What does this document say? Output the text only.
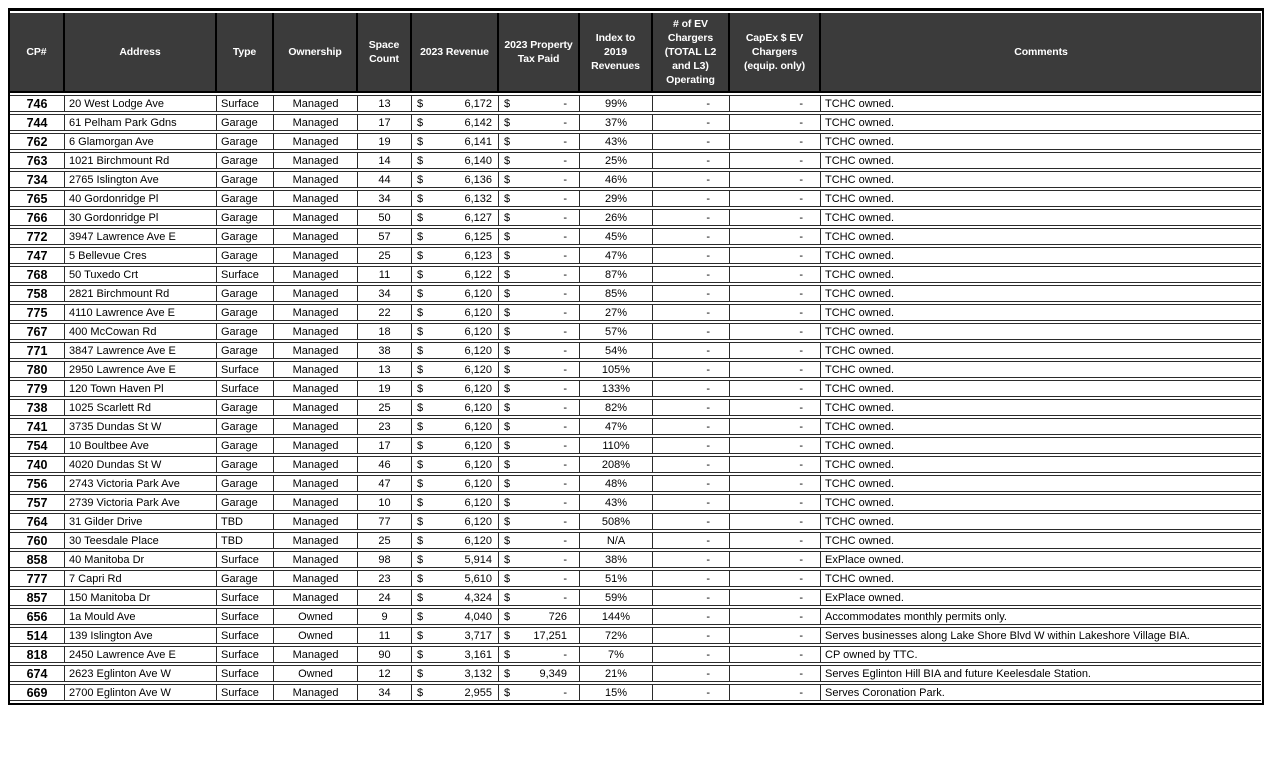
CP#	Address	Type	Ownership	Space Count	2023 Revenue	2023 Property Tax Paid	Index to 2019 Revenues	# of EV Chargers (TOTAL L2 and L3) Operating	CapEx $ EV Chargers (equip. only)	Comments
746	20 West Lodge Ave	Surface	Managed	13	$ 6,172	$ -	99%	-	-	TCHC owned.
744	61 Pelham Park Gdns	Garage	Managed	17	$ 6,142	$ -	37%	-	-	TCHC owned.
762	6 Glamorgan Ave	Garage	Managed	19	$ 6,141	$ -	43%	-	-	TCHC owned.
763	1021 Birchmount Rd	Garage	Managed	14	$ 6,140	$ -	25%	-	-	TCHC owned.
734	2765 Islington Ave	Garage	Managed	44	$ 6,136	$ -	46%	-	-	TCHC owned.
765	40 Gordonridge Pl	Garage	Managed	34	$ 6,132	$ -	29%	-	-	TCHC owned.
766	30 Gordonridge Pl	Garage	Managed	50	$ 6,127	$ -	26%	-	-	TCHC owned.
772	3947 Lawrence Ave E	Garage	Managed	57	$ 6,125	$ -	45%	-	-	TCHC owned.
747	5 Bellevue Cres	Garage	Managed	25	$ 6,123	$ -	47%	-	-	TCHC owned.
768	50 Tuxedo Crt	Surface	Managed	11	$ 6,122	$ -	87%	-	-	TCHC owned.
758	2821 Birchmount Rd	Garage	Managed	34	$ 6,120	$ -	85%	-	-	TCHC owned.
775	4110 Lawrence Ave E	Garage	Managed	22	$ 6,120	$ -	27%	-	-	TCHC owned.
767	400 McCowan Rd	Garage	Managed	18	$ 6,120	$ -	57%	-	-	TCHC owned.
771	3847 Lawrence Ave E	Garage	Managed	38	$ 6,120	$ -	54%	-	-	TCHC owned.
780	2950 Lawrence Ave E	Surface	Managed	13	$ 6,120	$ -	105%	-	-	TCHC owned.
779	120 Town Haven Pl	Surface	Managed	19	$ 6,120	$ -	133%	-	-	TCHC owned.
738	1025 Scarlett Rd	Garage	Managed	25	$ 6,120	$ -	82%	-	-	TCHC owned.
741	3735 Dundas St W	Garage	Managed	23	$ 6,120	$ -	47%	-	-	TCHC owned.
754	10 Boultbee Ave	Garage	Managed	17	$ 6,120	$ -	110%	-	-	TCHC owned.
740	4020 Dundas St W	Garage	Managed	46	$ 6,120	$ -	208%	-	-	TCHC owned.
756	2743 Victoria Park Ave	Garage	Managed	47	$ 6,120	$ -	48%	-	-	TCHC owned.
757	2739 Victoria Park Ave	Garage	Managed	10	$ 6,120	$ -	43%	-	-	TCHC owned.
764	31 Gilder Drive	TBD	Managed	77	$ 6,120	$ -	508%	-	-	TCHC owned.
760	30 Teesdale Place	TBD	Managed	25	$ 6,120	$ -	N/A	-	-	TCHC owned.
858	40 Manitoba Dr	Surface	Managed	98	$ 5,914	$ -	38%	-	-	ExPlace owned.
777	7 Capri Rd	Garage	Managed	23	$ 5,610	$ -	51%	-	-	TCHC owned.
857	150 Manitoba Dr	Surface	Managed	24	$ 4,324	$ -	59%	-	-	ExPlace owned.
656	1a Mould Ave	Surface	Owned	9	$ 4,040	$ 726	144%	-	-	Accommodates monthly permits only.
514	139 Islington Ave	Surface	Owned	11	$ 3,717	$ 17,251	72%	-	-	Serves businesses along Lake Shore Blvd W within Lakeshore Village BIA.
818	2450 Lawrence Ave E	Surface	Managed	90	$ 3,161	$ -	7%	-	-	CP owned by TTC.
674	2623 Eglinton Ave W	Surface	Owned	12	$ 3,132	$ 9,349	21%	-	-	Serves Eglinton Hill BIA and future Keelesdale Station.
669	2700 Eglinton Ave W	Surface	Managed	34	$ 2,955	$ -	15%	-	-	Serves Coronation Park.
